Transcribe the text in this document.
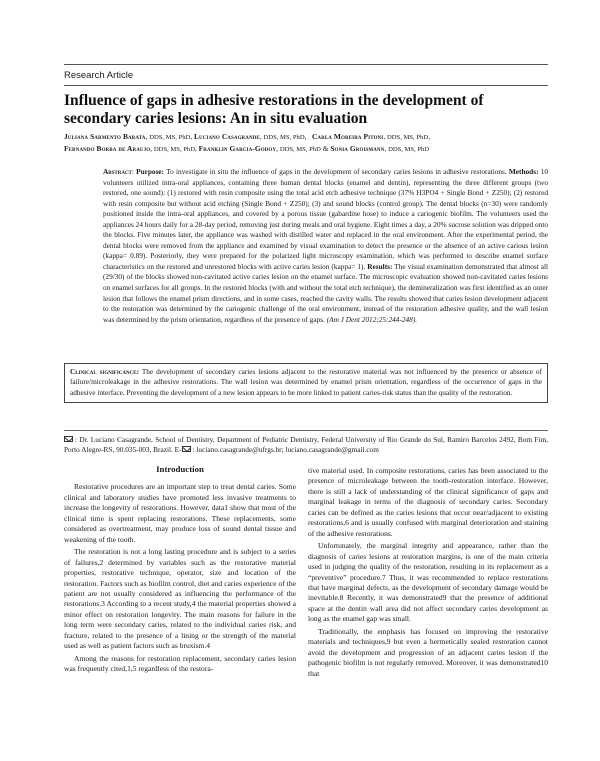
Research Article
Influence of gaps in adhesive restorations in the development of secondary caries lesions: An in situ evaluation
Juliana Sarmento Barata, DDS, MS, PhD, Luciano Casagrande, DDS, MS, PhD,   Carla Moreira Pitoni, DDS, MS, PhD,
Fernando Borba de Araujo, DDS, MS, PhD, Franklin Garcia-Godoy, DDS, MS, PhD & Sonia Groismann, DDS, MS, PhD
Abstract: Purpose: To investigate in situ the influence of gaps in the development of secondary caries lesions in adhesive restorations. Methods: 10 volunteers utilized intra-oral appliances, containing three human dental blocks (enamel and dentin), representing the three different groups (two restored, one sound): (1) restored with resin composite using the total acid etch adhesive technique (37% H3PO4 + Single Bond + Z250); (2) restored with resin composite but without acid etching (Single Bond + Z250); (3) and sound blocks (control group). The dental blocks (n=30) were randomly positioned inside the intra-oral appliances, and covered by a porous tissue (gabardine hose) to induce a cariogenic biofilm. The volunteers used the appliances 24 hours daily for a 28-day period, removing just during meals and oral hygiene. Eight times a day, a 20% sucrose solution was dripped onto the blocks. Five minutes later, the appliance was washed with distilled water and replaced in the oral environment. After the experimental period, the dental blocks were removed from the appliance and examined by visual examination to detect the presence or the absence of an active carious lesion (kappa= 0.89). Posteriorly, they were prepared for the polarized light microscopy examination, which was performed to describe enamel surface characteristics on the restored and unrestored blocks with active caries lesion (kappa= 1). Results: The visual examination demonstrated that almost all (29/30) of the blocks showed non-cavitated active caries lesion on the enamel surface. The microscopic evaluation showed non-cavitated caries lesions on enamel surfaces for all groups. In the restored blocks (with and without the total etch technique), the demineralization was first identified as an outer lesion that follows the enamel prism directions, and in some cases, reached the cavity walls. The results showed that caries lesion development adjacent to the restoration was determined by the cariogenic challenge of the oral environment, instead of the restoration adhesive quality, and the wall lesion was determined by the prism orientation, regardless of the presence of gaps. (Am J Dent 2012;25:244-248).
Clinical significance: The development of secondary caries lesions adjacent to the restorative material was not influenced by the presence or absence of failure/microleakage in the adhesive restorations. The wall lesion was determined by enamel prism orientation, regardless of the occurrence of gaps in the adhesive interface. Preventing the development of a new lesion appears to be more linked to patient caries-risk status than the quality of the restoration.
: Dr. Luciano Casagrande, School of Dentistry, Department of Pediatric Dentistry, Federal University of Rio Grande do Sul, Ramiro Barcelos 2492, Bom Fim, Porto Alegre-RS, 90.035-003, Brazil. E- : luciano.casagrande@ufrgs.br; luciano.casagrande@gmail.com
Introduction

Restorative procedures are an important step to treat dental caries. Some clinical and laboratory studies have promoted less invasive treatments to increase the longevity of restorations. However, data1 show that most of the clinical time is spent replacing restorations. These replacements, some considered as overtreatment, may produce loss of sound dental tissue and weakening of the tooth.

The restoration is not a long lasting procedure and is subject to a series of failures,2 determined by variables such as the restorative material properties, restorative technique, operator, size and location of the restoration. Factors such as biofilm control, diet and caries experience of the patient are not usually considered as influencing the performance of the restorations.3 According to a recent study,4 the material properties showed a minor effect on restoration longevity. The main reasons for failure in the long term were secondary caries, related to the individual caries risk, and fracture, related to the presence of a lining or the strength of the material used as well as patient factors such as bruxism.4

Among the reasons for restoration replacement, secondary caries lesion was frequently cited,1,5 regardless of the restora-

tive material used. In composite restorations, caries has been associated to the presence of microleakage between the tooth-restoration interface. However, there is still a lack of understanding of the clinical significance of gaps and marginal leakage in terms of the diagnosis of secondary caries. Secondary caries can be defined as the caries lesions that occur near/adjacent to existing restorations,6 and is usually confused with marginal deterioration and staining of the adhesive restorations.

Unfortunately, the marginal integrity and appearance, rather than the diagnosis of caries lesions at restoration margins, is one of the main criteria used in judging the quality of the restoration, resulting in its replacement as a “preventive” procedure.7 Thus, it was recommended to replace restorations that have marginal defects, as the development of secondary damage would be inevitable.8 Recently, it was demonstrated9 that the presence of additional space at the dentin wall area did not affect secondary caries development as long as the enamel gap was small.

Traditionally, the emphasis has focused on improving the restorative materials and techniques,9 but even a hermetically sealed restoration cannot avoid the development and progression of an adjacent caries lesion if the pathogenic biofilm is not regularly removed. Moreover, it was demonstrated10 that
